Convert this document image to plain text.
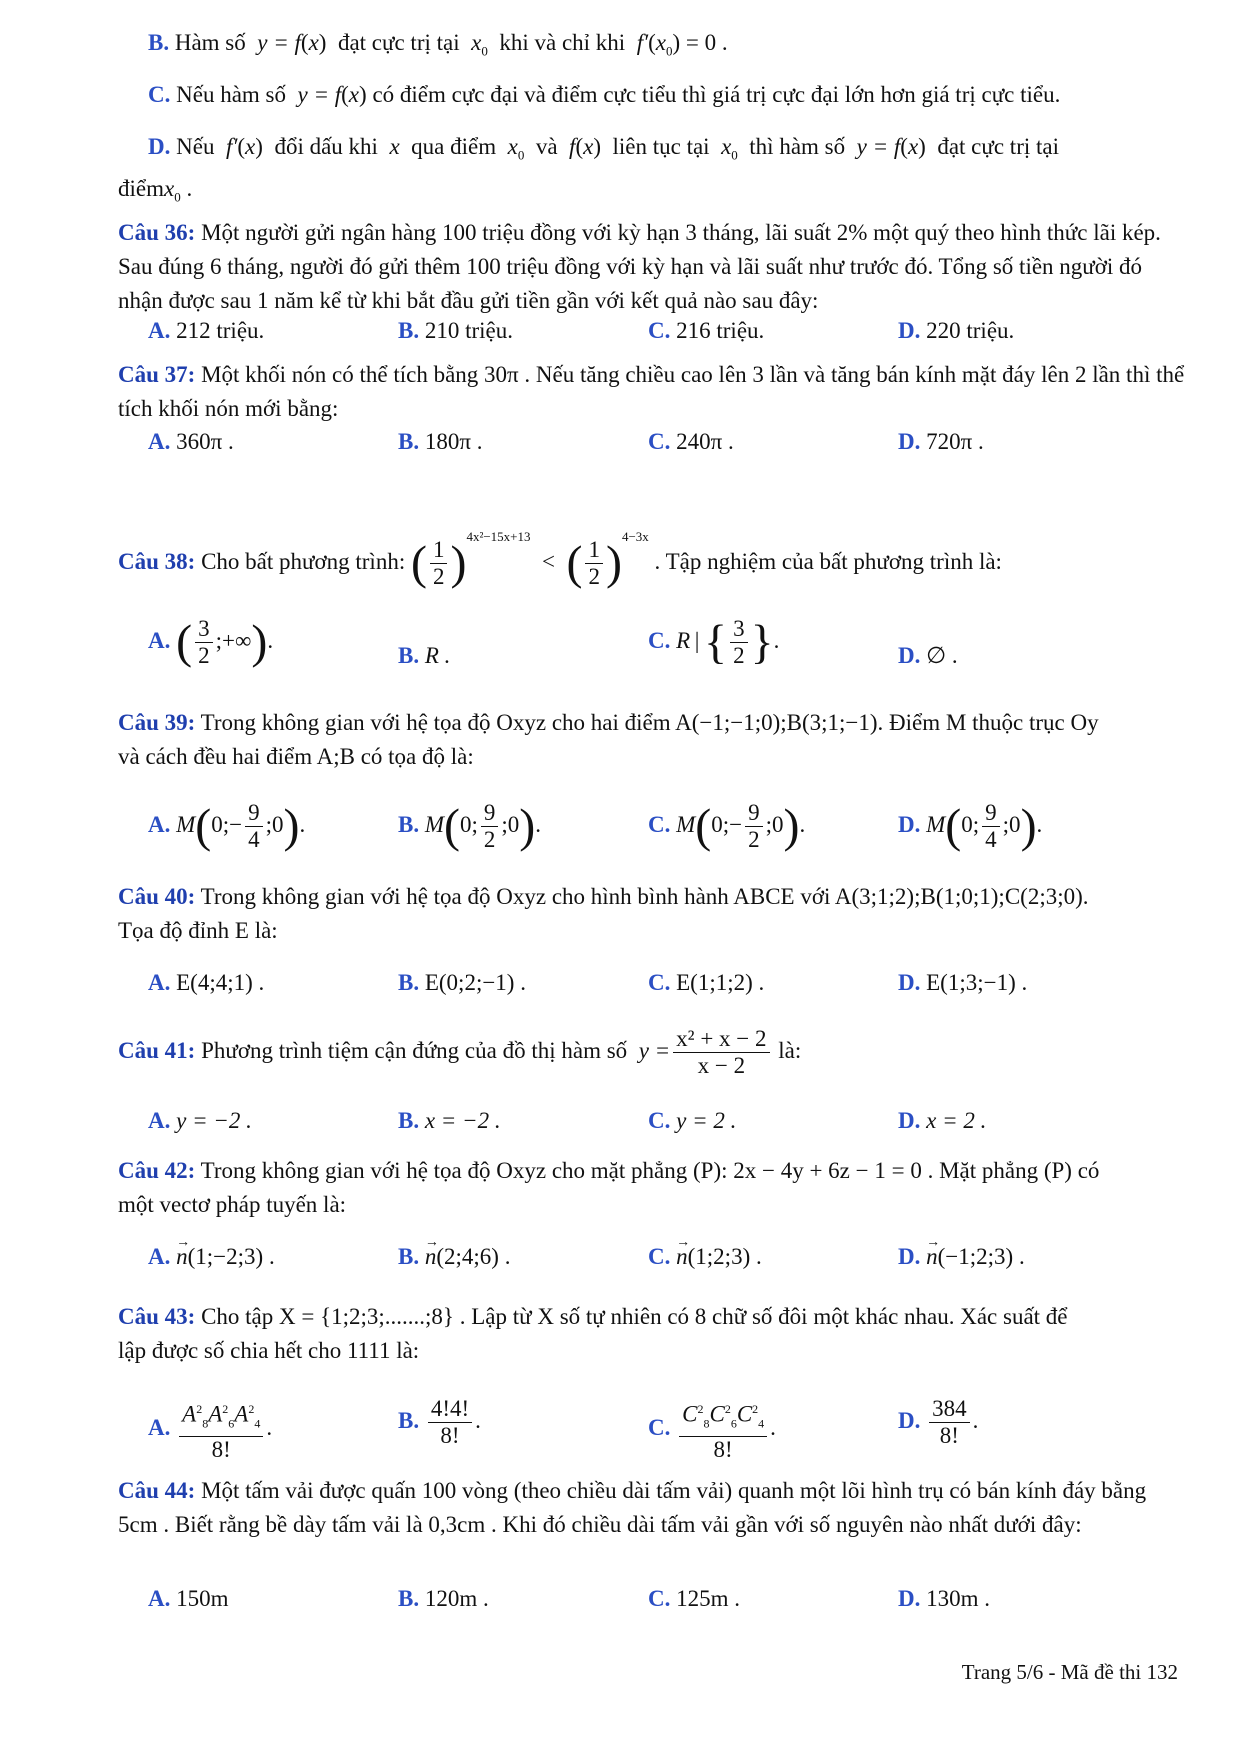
B. Hàm số  y = f(x)  đạt cực trị tại  $x_0$ khi và chỉ khi  $f'(x_0) = 0$ .
C. Nếu hàm số  y = f(x) có điểm cực đại và điểm cực tiểu thì giá trị cực đại lớn hơn giá trị cực tiểu.
D. Nếu  f′(x)  đổi dấu khi  x  qua điểm  $x_0$ và  f(x)  liên tục tại  $x_0$ thì hàm số  y = f(x)  đạt cực trị tại
điểmx$_0$ .
Câu 36: Một người gửi ngân hàng 100 triệu đồng với kỳ hạn 3 tháng, lãi suất 2% một quý theo hình thức lãi kép. Sau đúng 6 tháng, người đó gửi thêm 100 triệu đồng với kỳ hạn và lãi suất như trước đó. Tổng số tiền người đó nhận được sau 1 năm kể từ khi bắt đầu gửi tiền gần với kết quả nào sau đây:
A. 212 triệu.	B. 210 triệu.	C. 216 triệu.	D. 220 triệu.
Câu 37: Một khối nón có thể tích bằng 30π . Nếu tăng chiều cao lên 3 lần và tăng bán kính mặt đáy lên 2 lần thì thể tích khối nón mới bằng:
A. 360π .	B. 180π .	C. 240π .	D. 720π .
Câu 38: Cho bất phương trình: ( $\frac{1}{2} )^{4x^2-15x+13}$  <  ( $\frac{1}{2} )^{4-3x}$ . Tập nghiệm của bất phương trình là:
A. ( $\frac{3}{2}$ ;+∞).
B. R .
C. R | { $\frac{3}{2}$ }.
D. ∅ .
Câu 39: Trong không gian với hệ tọa độ Oxyz cho hai điểm A(−1;−1;0);B(3;1;−1). Điểm M thuộc trục Oy
và cách đều hai điểm A;B có tọa độ là:
A. M(0;− $\frac{9}{4}$ ;0).	B. M(0; $\frac{9}{2}$ ;0).	C. M(0;− $\frac{9}{2}$ ;0).	D. M(0; $\frac{9}{4}$ ;0).
Câu 40: Trong không gian với hệ tọa độ Oxyz cho hình bình hành ABCE với A(3;1;2);B(1;0;1);C(2;3;0).
Tọa độ đỉnh E là:
A. E(4;4;1) .	B. E(0;2;−1) .	C. E(1;1;2) .	D. E(1;3;−1) .
Câu 41: Phương trình tiệm cận đứng của đồ thị hàm số  $y = \frac{\text{x² + x − 2}}{x - 2}$ là:
A. y = −2 .	B. x = −2 .	C. y = 2 .	D. x = 2 .
Câu 42: Trong không gian với hệ tọa độ Oxyz cho mặt phẳng (P): 2x − 4y + 6z − 1 = 0 . Mặt phẳng (P) có
một vectơ pháp tuyến là:
A. → n(1;−2;3) .	B. → n(2;4;6) .	C. → n(1;2;3) .	D. → n(−1;2;3) .
Câu 43: Cho tập X = {1;2;3;.......;8} . Lập từ X số tự nhiên có 8 chữ số đôi một khác nhau. Xác suất để
lập được số chia hết cho 1111 là:
A. $\frac{A^2_8A^2_6A^2_4}{8!}$ .	B. $\frac{4!4!}{8!}$ .	C. $\frac{C^2_8C^2_6C^2_4}{8!}$ .	D. $\frac{384}{8!}$ .
Câu 44: Một tấm vải được quấn 100 vòng (theo chiều dài tấm vải) quanh một lõi hình trụ có bán kính đáy bằng 5cm . Biết rằng bề dày tấm vải là 0,3cm . Khi đó chiều dài tấm vải gần với số nguyên nào nhất dưới đây:
A. 150m	B. 120m .	C. 125m .	D. 130m .
Trang 5/6 - Mã đề thi 132
